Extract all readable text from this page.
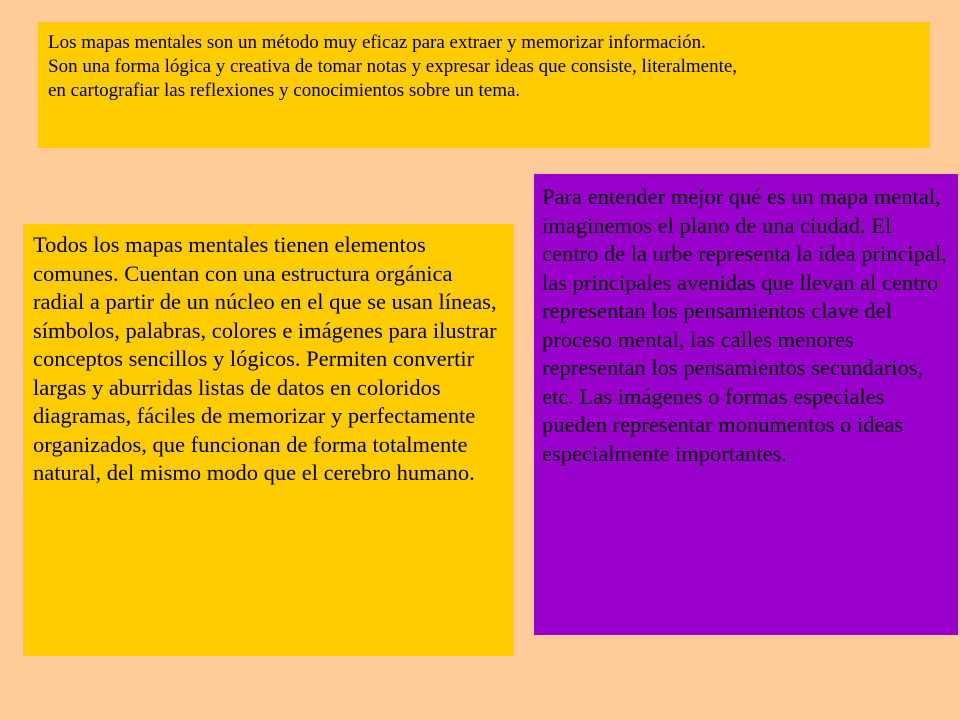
Los mapas mentales son un método muy eficaz para extraer y memorizar información.
Son una forma lógica y creativa de tomar notas y expresar ideas que consiste, literalmente,
en cartografiar las reflexiones y conocimientos sobre un tema.

Todos los mapas mentales tienen elementos comunes. Cuentan con una estructura orgánica radial a partir de un núcleo en el que se usan líneas, símbolos, palabras, colores e imágenes para ilustrar conceptos sencillos y lógicos. Permiten convertir largas y aburridas listas de datos en coloridos diagramas, fáciles de memorizar y perfectamente organizados, que funcionan de forma totalmente natural, del mismo modo que el cerebro humano.

Para entender mejor qué es un mapa mental, imaginemos el plano de una ciudad. El centro de la urbe representa la idea principal, las principales avenidas que llevan al centro representan los pensamientos clave del proceso mental, las calles menores representan los pensamientos secundarios, etc. Las imágenes o formas especiales pueden representar monumentos o ideas especialmente importantes.
